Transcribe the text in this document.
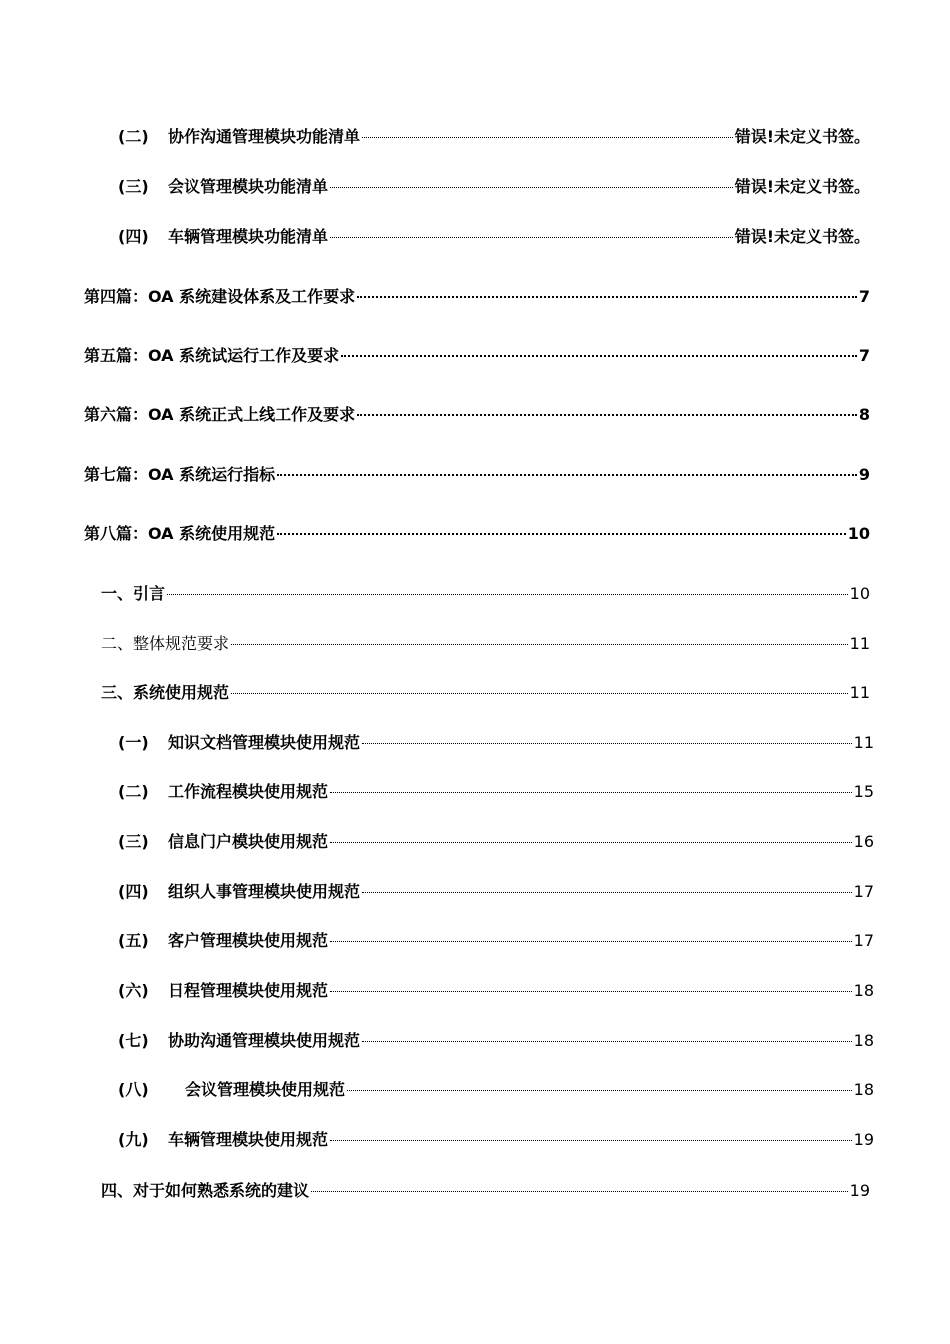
(二)	协作沟通管理模块功能清单	错误!未定义书签。
(三)	会议管理模块功能清单	错误!未定义书签。
(四)	车辆管理模块功能清单	错误!未定义书签。
第四篇：OA 系统建设体系及工作要求	7
第五篇：OA 系统试运行工作及要求	7
第六篇：OA 系统正式上线工作及要求	8
第七篇：OA 系统运行指标	9
第八篇：OA 系统使用规范	10
一、引言	10
二、整体规范要求	11
三、系统使用规范	11
(一)	知识文档管理模块使用规范	11
(二)	工作流程模块使用规范	15
(三)	信息门户模块使用规范	16
(四)	组织人事管理模块使用规范	17
(五)	客户管理模块使用规范	17
(六)	日程管理模块使用规范	18
(七)	协助沟通管理模块使用规范	18
(八)	会议管理模块使用规范	18
(九)	车辆管理模块使用规范	19
四、对于如何熟悉系统的建议	19
